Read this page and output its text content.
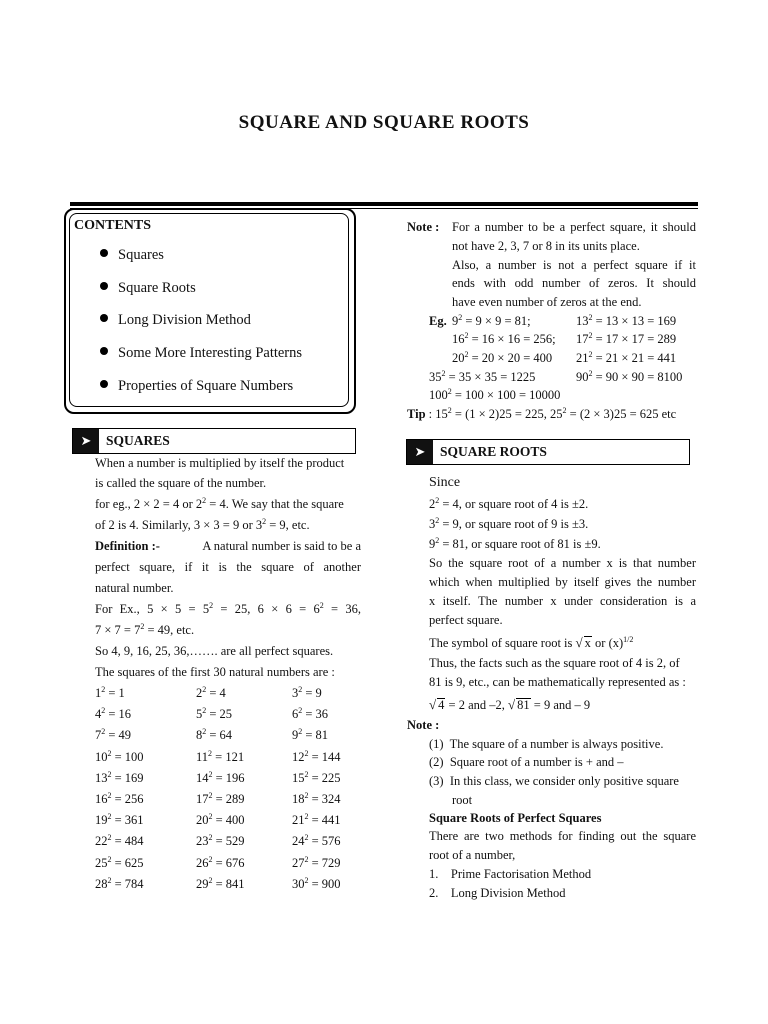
SQUARE AND SQUARE ROOTS
CONTENTS
Squares
Square Roots
Long Division Method
Some More Interesting Patterns
Properties of Square Numbers
➤	SQUARES
When a number is multiplied by itself the product
is called the square of the number.
for eg., 2 × 2 = 4 or $2^2 = 4$. We say that the square
of 2 is 4. Similarly, 3 × 3 = 9 or $3^2 = 9$, etc.
Definition :-	A natural number is said to be a
perfect square, if it is the square of another
natural number.
For Ex., $5 \times 5 = 5^2 = 25$, $6 \times 6 = 6^2 = 36$,
$7 \times 7 = 7^2 = 49$, etc.
So 4, 9, 16, 25, 36,……. are all perfect squares.
The squares of the first 30 natural numbers are :
$1^2 = 1$	$2^2 = 4$	$3^2 = 9$
$4^2 = 16$	$5^2 = 25$	$6^2 = 36$
$7^2 = 49$	$8^2 = 64$	$9^2 = 81$
$10^2 = 100$	$11^2 = 121$	$12^2 = 144$
$13^2 = 169$	$14^2 = 196$	$15^2 = 225$
$16^2 = 256$	$17^2 = 289$	$18^2 = 324$
$19^2 = 361$	$20^2 = 400$	$21^2 = 441$
$22^2 = 484$	$23^2 = 529$	$24^2 = 576$
$25^2 = 625$	$26^2 = 676$	$27^2 = 729$
$28^2 = 784$	$29^2 = 841$	$30^2 = 900$
Note : For a number to be a perfect square, it should
not have 2, 3, 7 or 8 in its units place.
Also, a number is not a perfect square if it
ends with odd number of zeros. It should
have even number of zeros at the end.
Eg. $9^2 = 9 \times 9 = 81$;	$13^2 = 13 \times 13 = 169$
$16^2 = 16 \times 16 = 256$; $17^2 = 17 \times 17 = 289$
$20^2 = 20 \times 20 = 400$ $21^2 = 21 \times 21 = 441$
$35^2 = 35 \times 35 = 1225$	$90^2 = 90 \times 90 = 8100$
$100^2 = 100 \times 100 = 10000$
Tip : $15^2 = (1 \times 2)25 = 225$, $25^2 = (2 \times 3)25 = 625$ etc
➤	SQUARE ROOTS
Since
$2^2 = 4$, or square root of 4 is ±2.
$3^2 = 9$, or square root of 9 is ±3.
$9^2 = 81$, or square root of 81 is ±9.
So the square root of a number x is that number
which when multiplied by itself gives the number
x itself. The number x under consideration is a
perfect square.
The symbol of square root is √ x or $(x)^{1/2}$
Thus, the facts such as the square root of 4 is 2, of
81 is 9, etc., can be mathematically represented as :
√ 4 = 2 and –2, √ 81 = 9 and – 9
Note :
(1) The square of a number is always positive.
(2) Square root of a number is + and –
(3) In this class, we consider only positive square
root
Square Roots of Perfect Squares
There are two methods for finding out the square
root of a number,
1. Prime Factorisation Method
2. Long Division Method
